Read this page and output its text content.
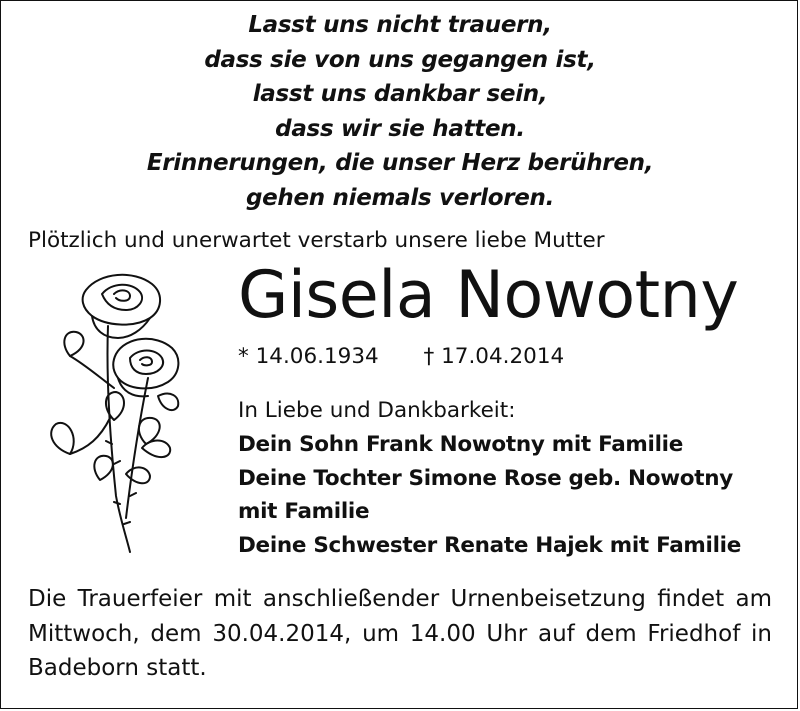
Lasst uns nicht trauern,
dass sie von uns gegangen ist,
lasst uns dankbar sein,
dass wir sie hatten.
Erinnerungen, die unser Herz berühren,
gehen niemals verloren.
Plötzlich und unerwartet verstarb unsere liebe Mutter
Gisela Nowotny
* 14.06.1934 † 17.04.2014
In Liebe und Dankbarkeit:
Dein Sohn Frank Nowotny mit Familie
Deine Tochter Simone Rose geb. Nowotny
mit Familie
Deine Schwester Renate Hajek mit Familie
Die Trauerfeier mit anschließender Urnenbeisetzung findet am Mittwoch, dem 30.04.2014, um 14.00 Uhr auf dem Friedhof in Badeborn statt.
